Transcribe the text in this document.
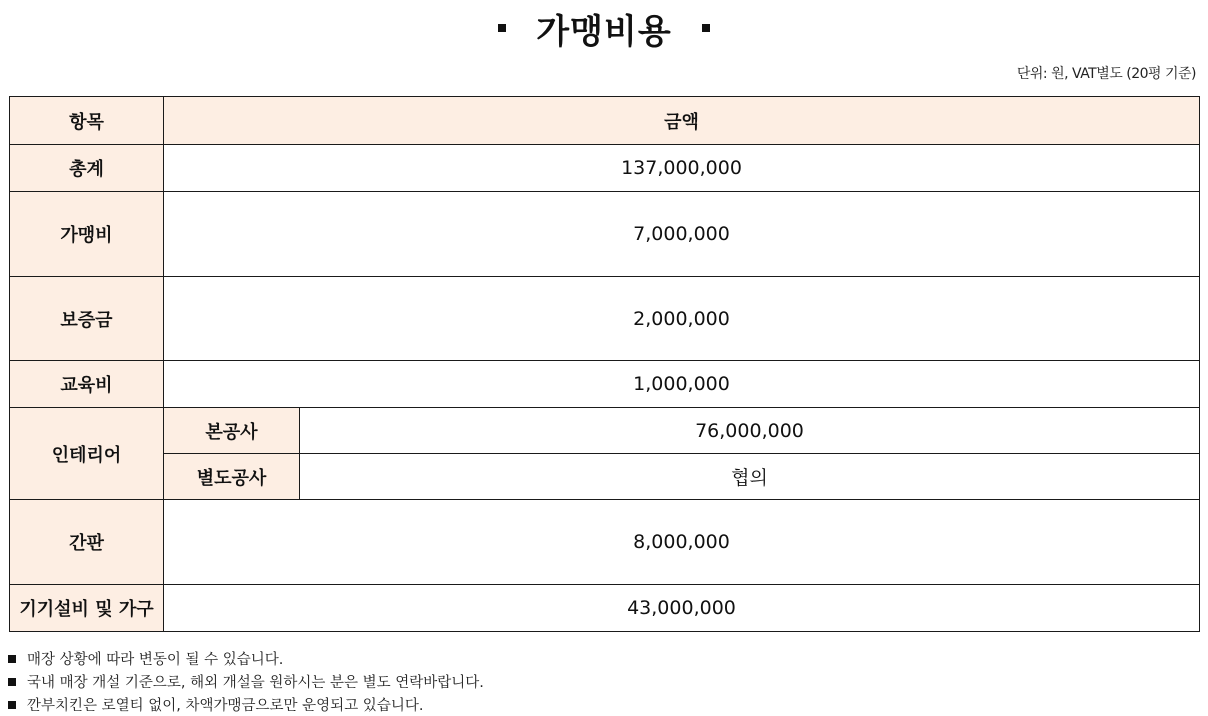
가맹비용
단위: 원, VAT별도 (20평 기준)
항목	금액	
총계	137,000,000	
가맹비	7,000,000	
보증금	2,000,000	
교육비	1,000,000	
인테리어	본공사	76,000,000
	별도공사	협의
간판	8,000,000	
기기설비 및 가구	43,000,000	
매장 상황에 따라 변동이 될 수 있습니다.
국내 매장 개설 기준으로, 해외 개설을 원하시는 분은 별도 연락바랍니다.
깐부치킨은 로열티 없이, 차액가맹금으로만 운영되고 있습니다.
